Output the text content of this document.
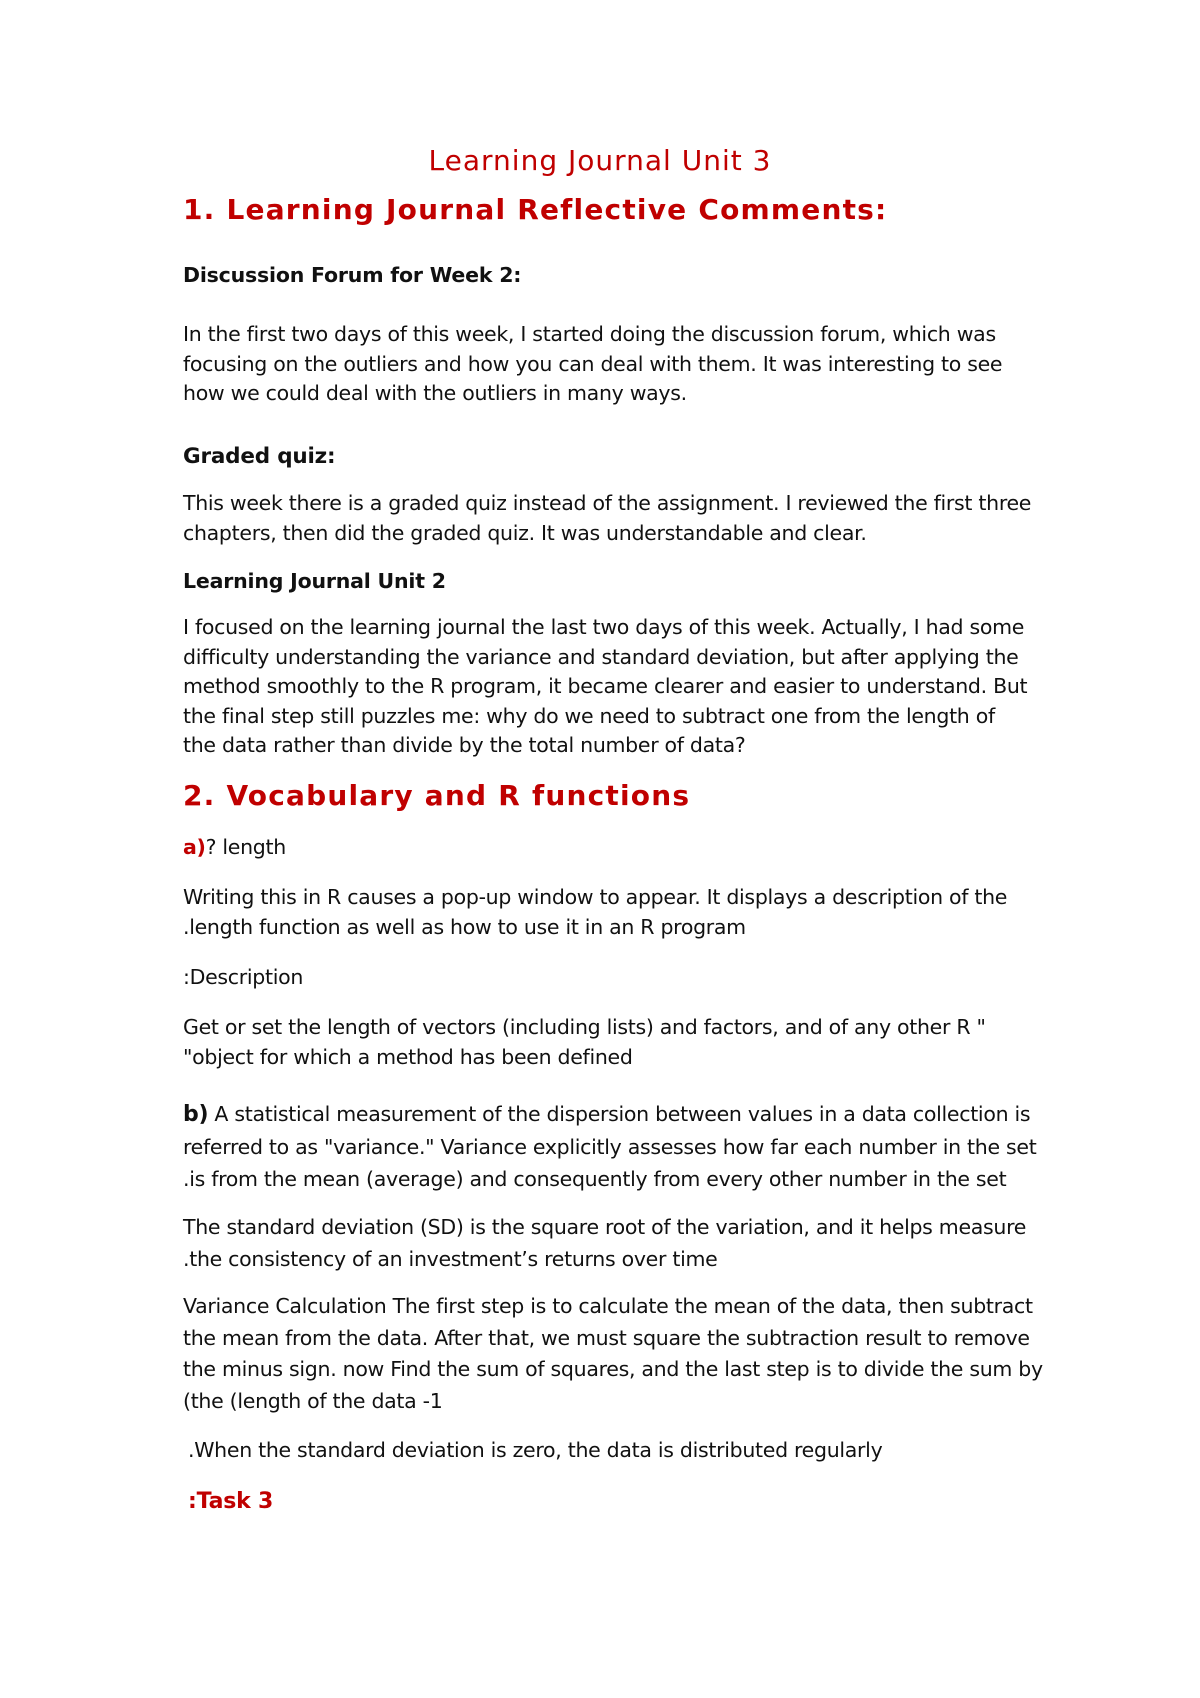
Learning Journal Unit 3
1. Learning Journal Reflective Comments:
Discussion Forum for Week 2:
In the first two days of this week, I started doing the discussion forum, which was focusing on the outliers and how you can deal with them. It was interesting to see how we could deal with the outliers in many ways.
Graded quiz:
This week there is a graded quiz instead of the assignment. I reviewed the first three chapters, then did the graded quiz. It was understandable and clear.
Learning Journal Unit 2
I focused on the learning journal the last two days of this week. Actually, I had some difficulty understanding the variance and standard deviation, but after applying the method smoothly to the R program, it became clearer and easier to understand. But the final step still puzzles me: why do we need to subtract one from the length of the data rather than divide by the total number of data?
2. Vocabulary and R functions
a)? length
Writing this in R causes a pop-up window to appear. It displays a description of the
.length function as well as how to use it in an R program
:Description
Get or set the length of vectors (including lists) and factors, and of any other R "
"object for which a method has been defined
b) A statistical measurement of the dispersion between values in a data collection is
referred to as "variance." Variance explicitly assesses how far each number in the set
.is from the mean (average) and consequently from every other number in the set
The standard deviation (SD) is the square root of the variation, and it helps measure
.the consistency of an investment’s returns over time
Variance Calculation The first step is to calculate the mean of the data, then subtract
the mean from the data. After that, we must square the subtraction result to remove
the minus sign. now Find the sum of squares, and the last step is to divide the sum by
(the (length of the data -1
.When the standard deviation is zero, the data is distributed regularly
:Task 3
